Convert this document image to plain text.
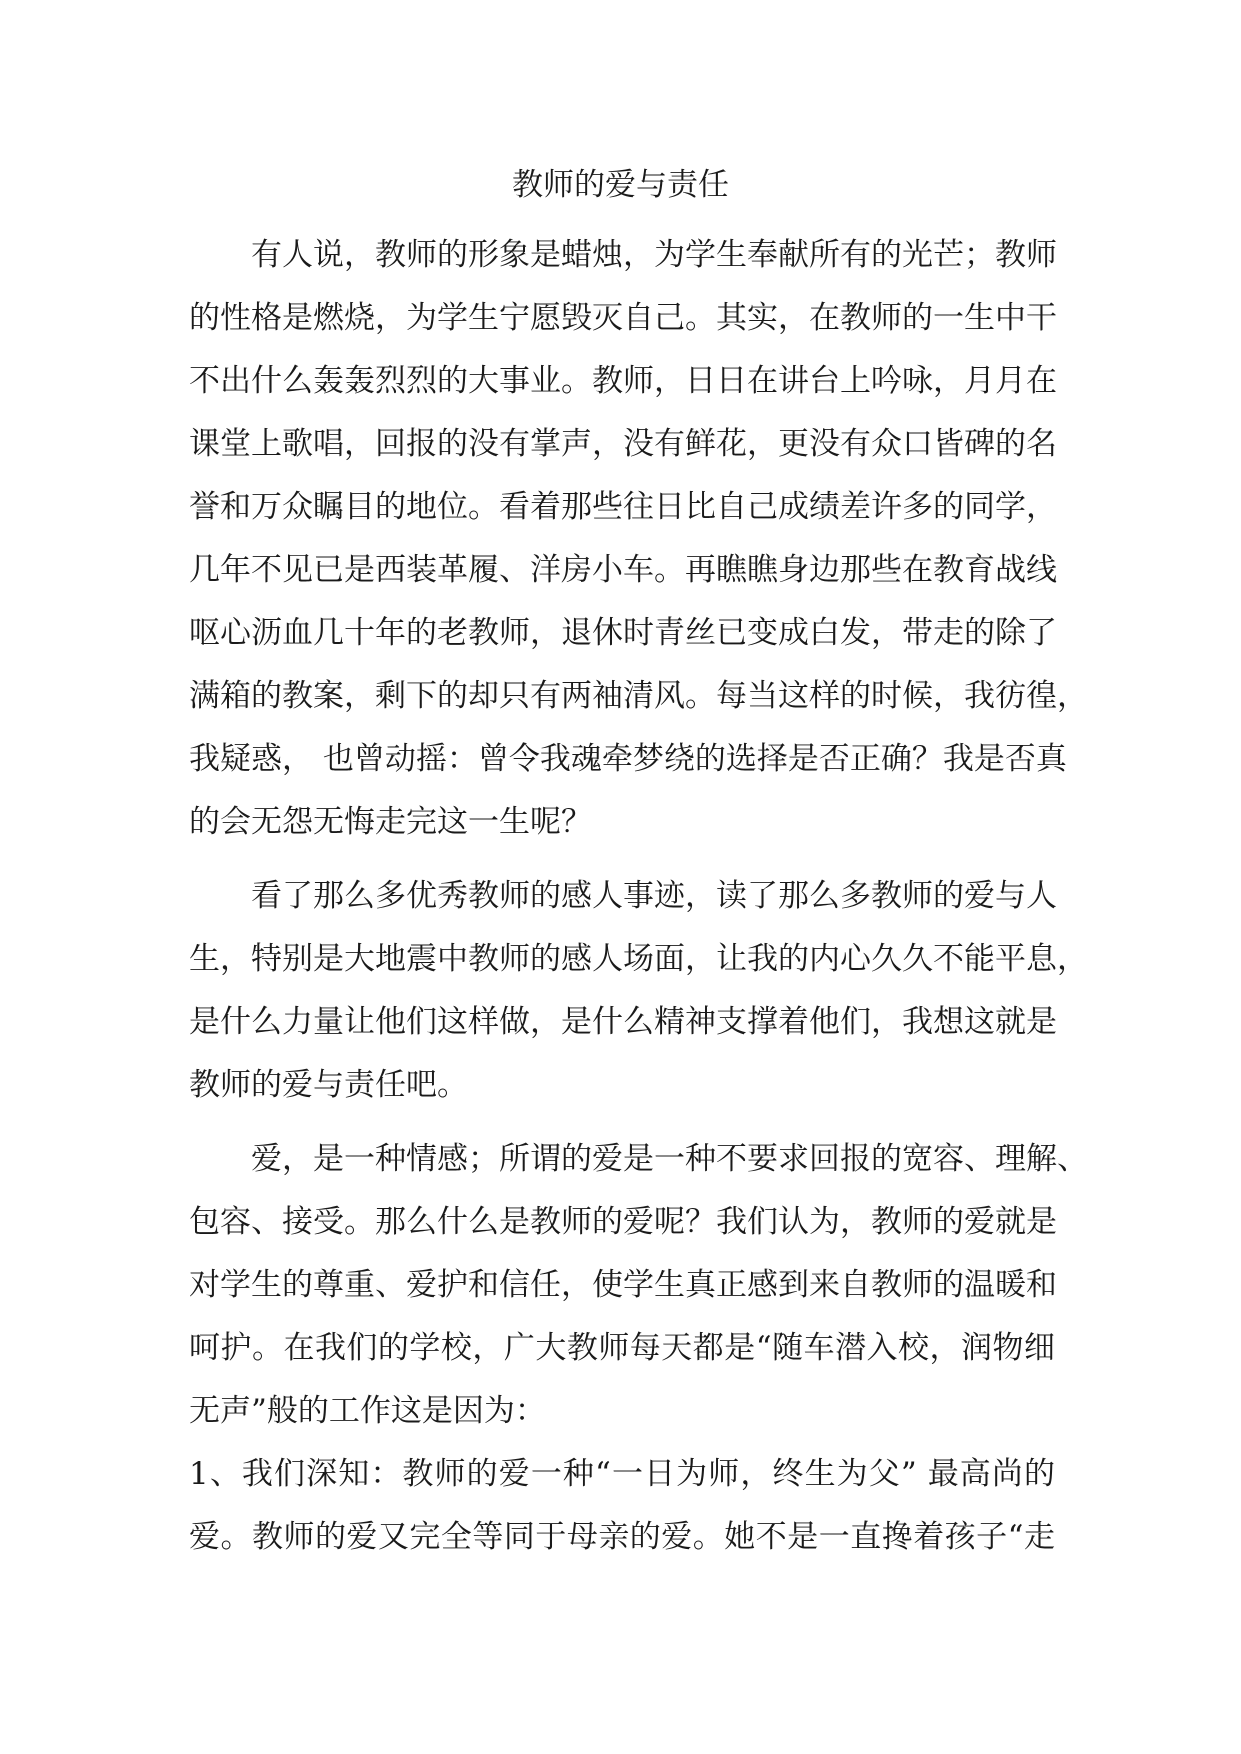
教师的爱与责任
有人说，教师的形象是蜡烛，为学生奉献所有的光芒；教师
的性格是燃烧，为学生宁愿毁灭自己。其实，在教师的一生中干
不出什么轰轰烈烈的大事业。教师，日日在讲台上吟咏，月月在
课堂上歌唱，回报的没有掌声，没有鲜花，更没有众口皆碑的名
誉和万众瞩目的地位。看着那些往日比自己成绩差许多的同学，
几年不见已是西装革履、洋房小车。再瞧瞧身边那些在教育战线
呕心沥血几十年的老教师，退休时青丝已变成白发，带走的除了
满箱的教案，剩下的却只有两袖清风。每当这样的时候，我彷徨，
我疑惑， 也曾动摇：曾令我魂牵梦绕的选择是否正确？我是否真
的会无怨无悔走完这一生呢？
看了那么多优秀教师的感人事迹，读了那么多教师的爱与人
生，特别是大地震中教师的感人场面，让我的内心久久不能平息，
是什么力量让他们这样做，是什么精神支撑着他们，我想这就是
教师的爱与责任吧。
爱，是一种情感；所谓的爱是一种不要求回报的宽容、理解、
包容、接受。那么什么是教师的爱呢？我们认为，教师的爱就是
对学生的尊重、爱护和信任，使学生真正感到来自教师的温暖和
呵护。在我们的学校，广大教师每天都是“随车潜入校，润物细
无声”般的工作这是因为：
1、我们深知：教师的爱一种“一日为师，终生为父” 最高尚的
爱。教师的爱又完全等同于母亲的爱。她不是一直搀着孩子“走
